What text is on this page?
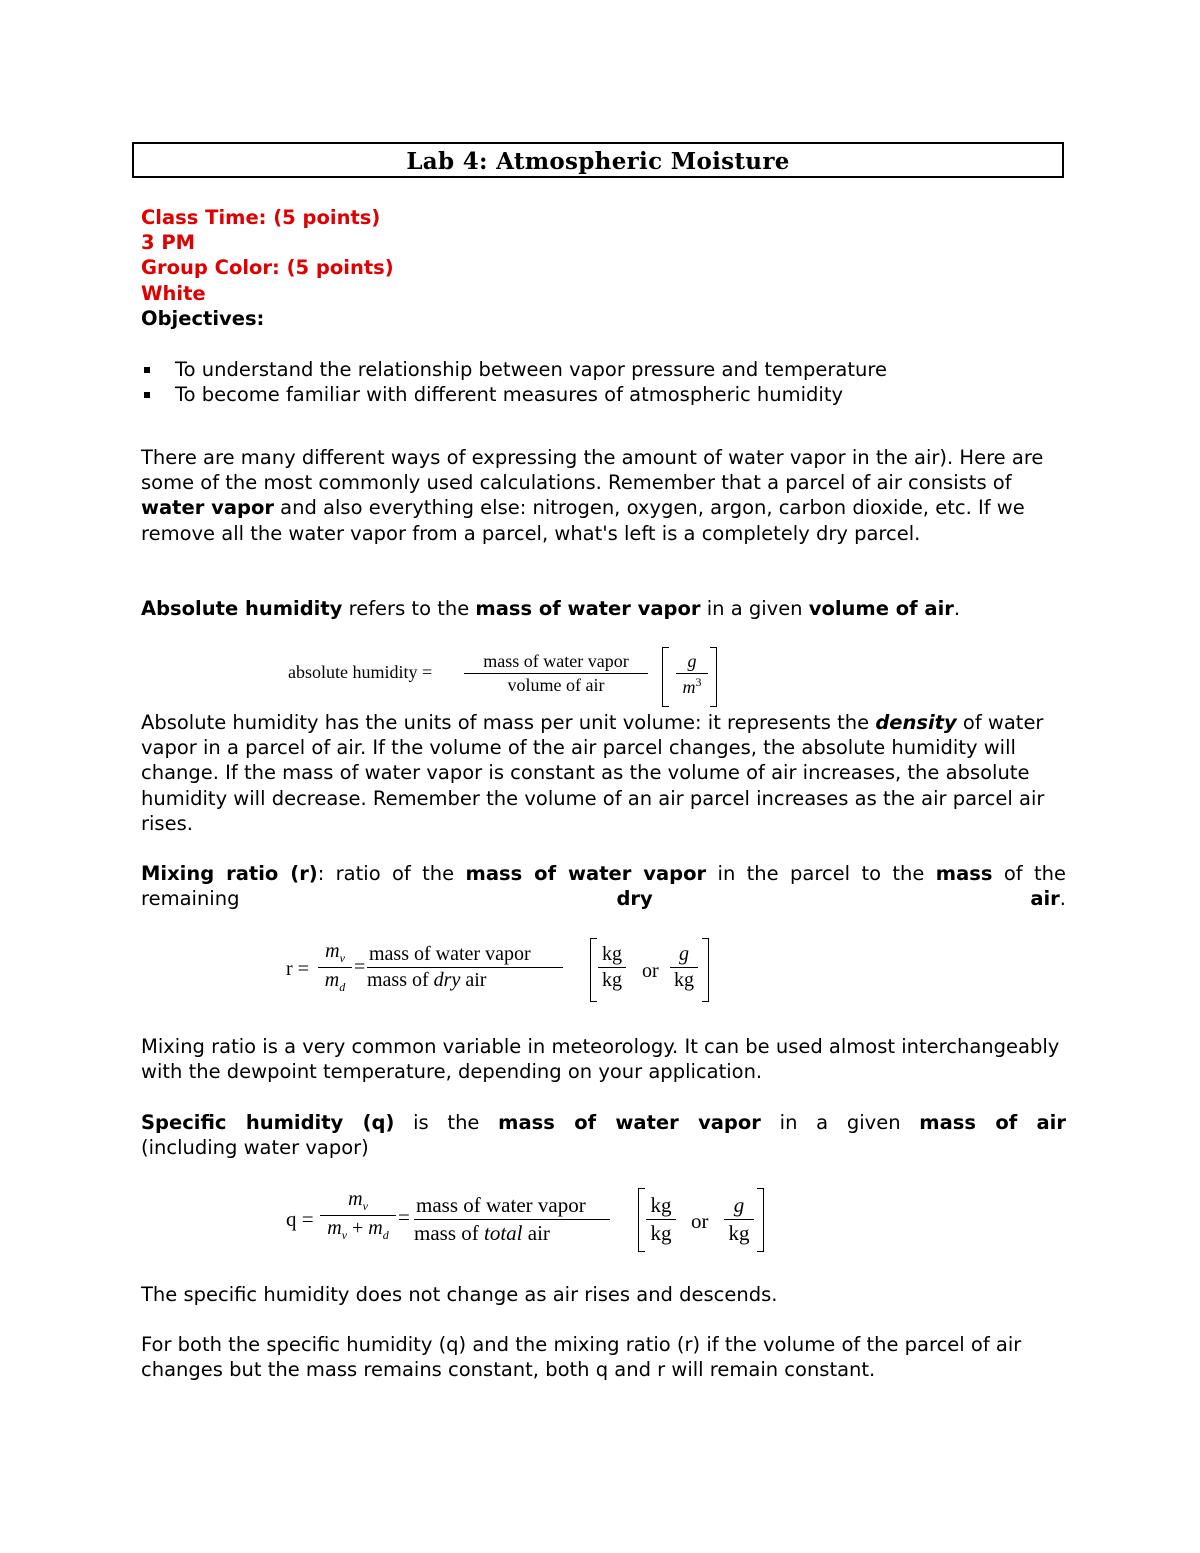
Lab 4: Atmospheric Moisture
Class Time: (5 points)
3 PM
Group Color: (5 points)
White
Objectives:
To understand the relationship between vapor pressure and temperature
To become familiar with different measures of atmospheric humidity
There are many different ways of expressing the amount of water vapor in the air). Here are some of the most commonly used calculations. Remember that a parcel of air consists of water vapor and also everything else: nitrogen, oxygen, argon, carbon dioxide, etc. If we remove all the water vapor from a parcel, what's left is a completely dry parcel.
Absolute humidity refers to the mass of water vapor in a given volume of air.
absolute humidity =
mass of water vapor
volume of air	$\frac{g}{m^3}$
Absolute humidity has the units of mass per unit volume: it represents the density of water vapor in a parcel of air. If the volume of the air parcel changes, the absolute humidity will change. If the mass of water vapor is constant as the volume of air increases, the absolute humidity will decrease. Remember the volume of an air parcel increases as the air parcel air rises.
Mixing ratio (r): ratio of the mass of water vapor in the parcel to the mass of the remaining dry air.
$r = \frac{m_v}{m_d}$ =
mass of water vapor
mass of dry air	$\frac{kg}{kg}$ or $\frac{g}{kg}$
Mixing ratio is a very common variable in meteorology. It can be used almost interchangeably with the dewpoint temperature, depending on your application.
Specific humidity (q) is the mass of water vapor in a given mass of air
(including water vapor)
$q = \frac{m_v}{m_v + m_d}$ = mass of water vapor
mass of total air	$\frac{kg}{kg}$ or $\frac{g}{kg}$
The specific humidity does not change as air rises and descends.
For both the specific humidity (q) and the mixing ratio (r) if the volume of the parcel of air changes but the mass remains constant, both q and r will remain constant.
